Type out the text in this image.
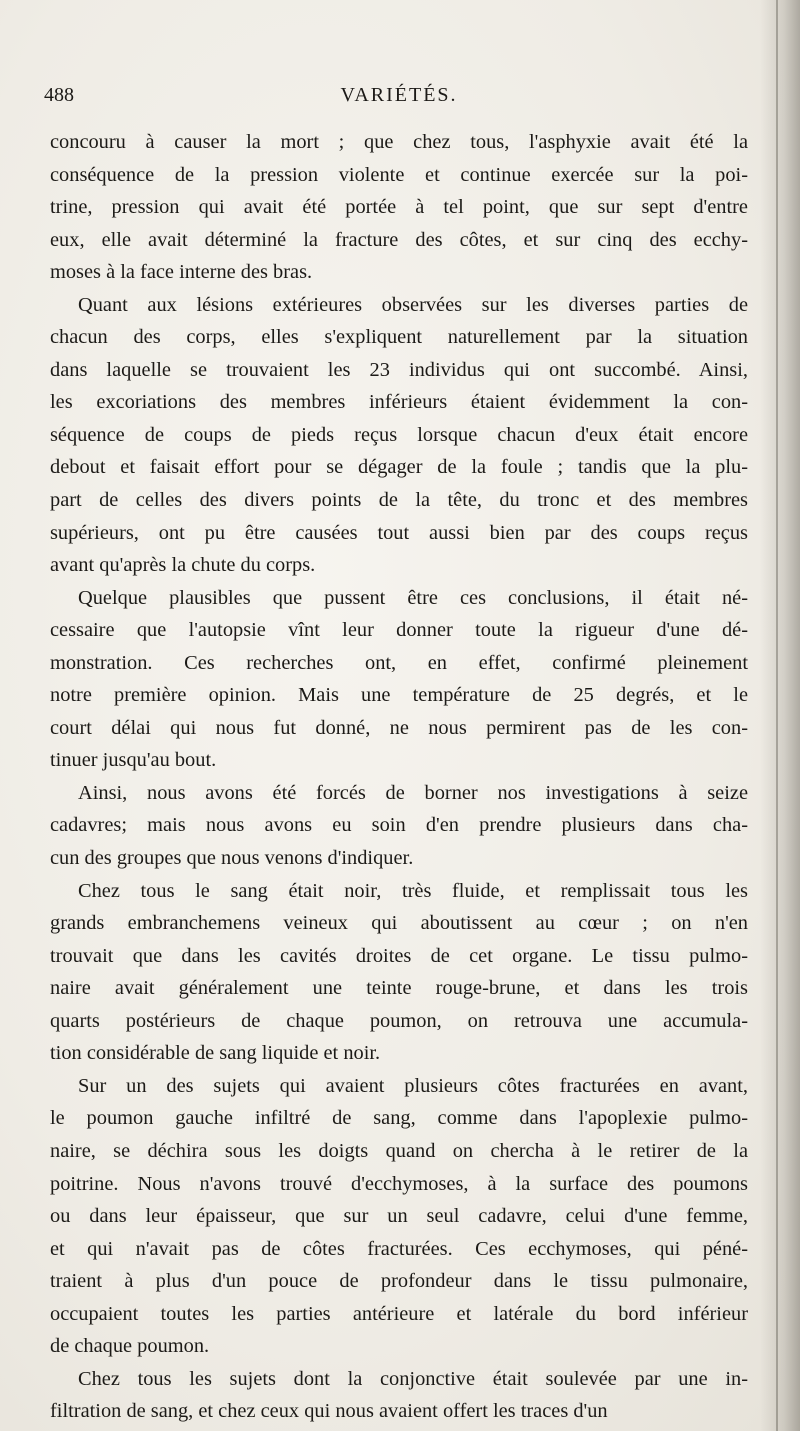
488	VARIÉTÉS.
concouru à causer la mort ; que chez tous, l'asphyxie avait été la
conséquence de la pression violente et continue exercée sur la poi-
trine, pression qui avait été portée à tel point, que sur sept d'entre
eux, elle avait déterminé la fracture des côtes, et sur cinq des ecchy-
moses à la face interne des bras.
Quant aux lésions extérieures observées sur les diverses parties de
chacun des corps, elles s'expliquent naturellement par la situation
dans laquelle se trouvaient les 23 individus qui ont succombé. Ainsi,
les excoriations des membres inférieurs étaient évidemment la con-
séquence de coups de pieds reçus lorsque chacun d'eux était encore
debout et faisait effort pour se dégager de la foule ; tandis que la plu-
part de celles des divers points de la tête, du tronc et des membres
supérieurs, ont pu être causées tout aussi bien par des coups reçus
avant qu'après la chute du corps.
Quelque plausibles que pussent être ces conclusions, il était né-
cessaire que l'autopsie vînt leur donner toute la rigueur d'une dé-
monstration. Ces recherches ont, en effet, confirmé pleinement
notre première opinion. Mais une température de 25 degrés, et le
court délai qui nous fut donné, ne nous permirent pas de les con-
tinuer jusqu'au bout.
Ainsi, nous avons été forcés de borner nos investigations à seize
cadavres; mais nous avons eu soin d'en prendre plusieurs dans cha-
cun des groupes que nous venons d'indiquer.
Chez tous le sang était noir, très fluide, et remplissait tous les
grands embranchemens veineux qui aboutissent au cœur ; on n'en
trouvait que dans les cavités droites de cet organe. Le tissu pulmo-
naire avait généralement une teinte rouge-brune, et dans les trois
quarts postérieurs de chaque poumon, on retrouva une accumula-
tion considérable de sang liquide et noir.
Sur un des sujets qui avaient plusieurs côtes fracturées en avant,
le poumon gauche infiltré de sang, comme dans l'apoplexie pulmo-
naire, se déchira sous les doigts quand on chercha à le retirer de la
poitrine. Nous n'avons trouvé d'ecchymoses, à la surface des poumons
ou dans leur épaisseur, que sur un seul cadavre, celui d'une femme,
et qui n'avait pas de côtes fracturées. Ces ecchymoses, qui péné-
traient à plus d'un pouce de profondeur dans le tissu pulmonaire,
occupaient toutes les parties antérieure et latérale du bord inférieur
de chaque poumon.
Chez tous les sujets dont la conjonctive était soulevée par une in-
filtration de sang, et chez ceux qui nous avaient offert les traces d'un
